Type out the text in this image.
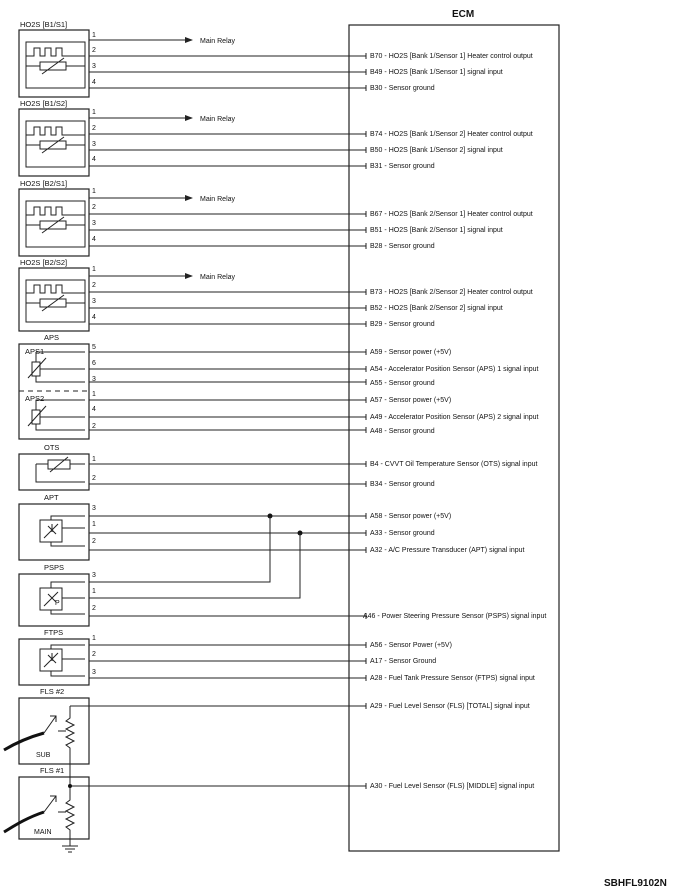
ECM
HO2S [B1/S1]
1
2
3
4
Main Relay
B70 - HO2S [Bank 1/Sensor 1] Heater control output
B49 - HO2S [Bank 1/Sensor 1] signal input
B30 - Sensor ground
HO2S [B1/S2]
1
2
3
4
Main Relay
B74 - HO2S [Bank 1/Sensor 2] Heater control output
B50 - HO2S [Bank 1/Sensor 2] signal input
B31 - Sensor ground
HO2S [B2/S1]
1
2
3
4
Main Relay
B67 - HO2S [Bank 2/Sensor 1] Heater control output
B51 - HO2S [Bank 2/Sensor 1] signal input
B28 - Sensor ground
HO2S [B2/S2]
1
2
3
4
Main Relay
B73 - HO2S [Bank 2/Sensor 2] Heater control output
B52 - HO2S [Bank 2/Sensor 2] signal input
B29 - Sensor ground
APS
APS1
APS2
5
6
3
1
4
2
A59 - Sensor power (+5V)
A54 - Accelerator Position Sensor (APS) 1 signal input
A55 - Sensor ground
A57 - Sensor power (+5V)
A49 - Accelerator Position Sensor (APS) 2 signal input
A48 - Sensor ground
OTS
1
2
B4 - CVVT Oil Temperature Sensor (OTS) signal input
B34 - Sensor ground
APT
3
1
2
A58 - Sensor power (+5V)
A33 - Sensor ground
A32 - A/C Pressure Transducer (APT) signal input
PSPS
P
3
1
2
A46 - Power Steering Pressure Sensor (PSPS) signal input
FTPS
1
2
3
A56 - Sensor Power (+5V)
A17 - Sensor Ground
A28 - Fuel Tank Pressure Sensor (FTPS) signal input
FLS #2
SUB
A29 - Fuel Level Sensor (FLS) [TOTAL] signal input
FLS #1
MAIN
A30 - Fuel Level Sensor (FLS) [MIDDLE] signal input
SBHFL9102N
